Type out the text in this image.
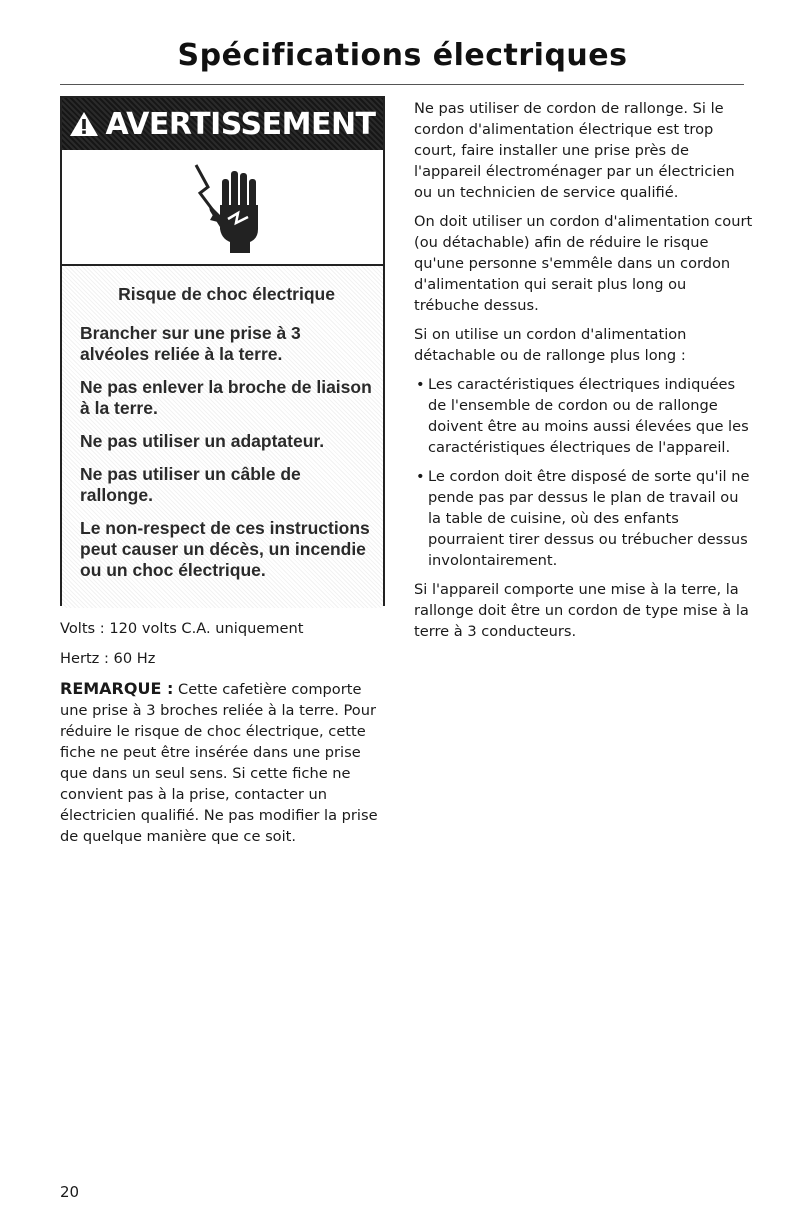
Spécifications électriques
AVERTISSEMENT
Risque de choc électrique

Brancher sur une prise à 3 alvéoles reliée à la terre.

Ne pas enlever la broche de liaison à la terre.

Ne pas utiliser un adaptateur.

Ne pas utiliser un câble de rallonge.

Le non-respect de ces instructions peut causer un décès, un incendie ou un choc électrique.

Volts : 120 volts C.A. uniquement

Hertz : 60 Hz

REMARQUE : Cette cafetière comporte une prise à 3 broches reliée à la terre. Pour réduire le risque de choc électrique, cette fiche ne peut être insérée dans une prise que dans un seul sens. Si cette fiche ne convient pas à la prise, contacter un électricien qualifié. Ne pas modifier la prise de quelque manière que ce soit.

Ne pas utiliser de cordon de rallonge. Si le cordon d'alimentation électrique est trop court, faire installer une prise près de l'appareil électroménager par un électricien ou un technicien de service qualifié.

On doit utiliser un cordon d'alimentation court (ou détachable) afin de réduire le risque qu'une personne s'emmêle dans un cordon d'alimentation qui serait plus long ou trébuche dessus.

Si on utilise un cordon d'alimentation détachable ou de rallonge plus long :

• Les caractéristiques électriques indiquées de l'ensemble de cordon ou de rallonge doivent être au moins aussi élevées que les caractéristiques électriques de l'appareil.
• Le cordon doit être disposé de sorte qu'il ne pende pas par dessus le plan de travail ou la table de cuisine, où des enfants pourraient tirer dessus ou trébucher dessus involontairement.

Si l'appareil comporte une mise à la terre, la rallonge doit être un cordon de type mise à la terre à 3 conducteurs.

20
